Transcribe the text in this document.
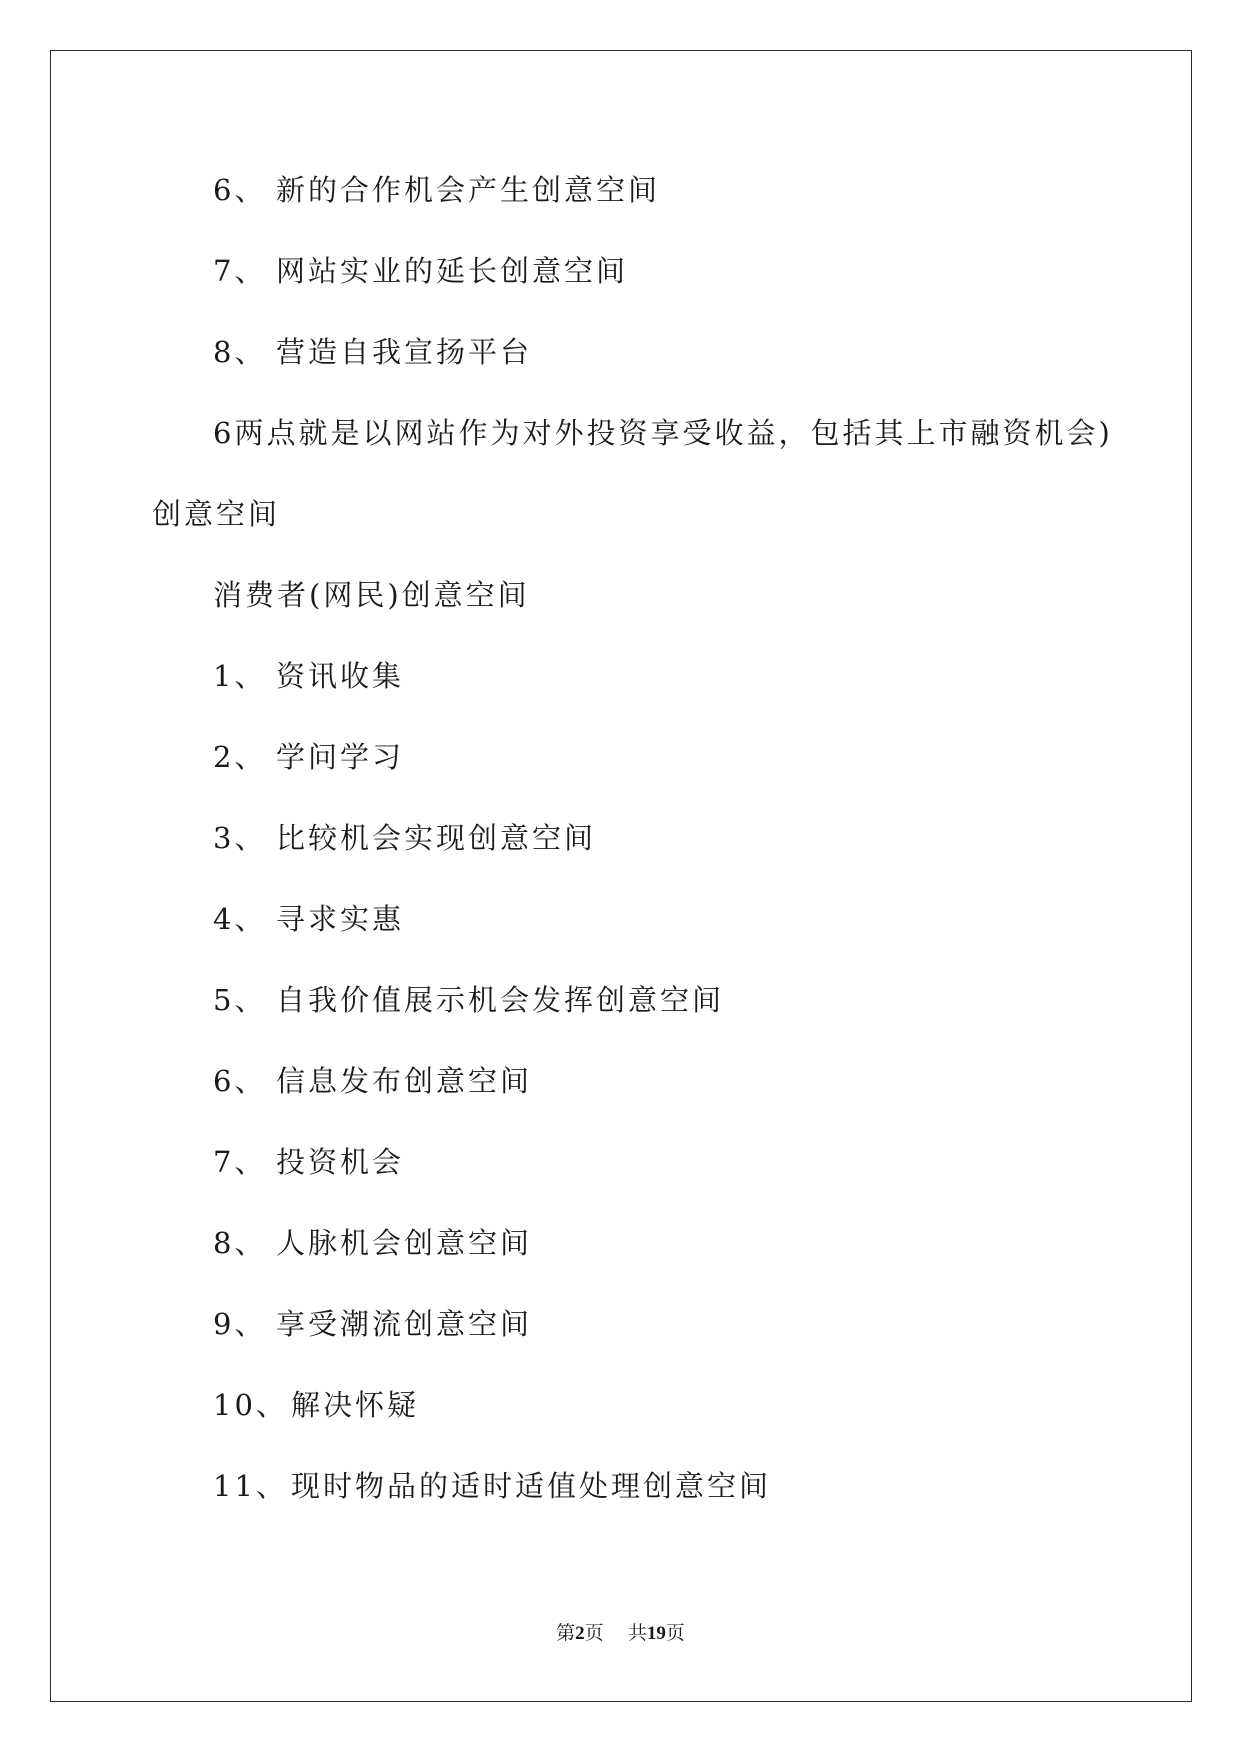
6、 新的合作机会产生创意空间
7、 网站实业的延长创意空间
8、 营造自我宣扬平台
6两点就是以网站作为对外投资享受收益，包括其上市融资机会)
创意空间
消费者(网民)创意空间
1、 资讯收集
2、 学问学习
3、 比较机会实现创意空间
4、 寻求实惠
5、 自我价值展示机会发挥创意空间
6、 信息发布创意空间
7、 投资机会
8、 人脉机会创意空间
9、 享受潮流创意空间
10、 解决怀疑
11、 现时物品的适时适值处理创意空间
第2页 共19页
